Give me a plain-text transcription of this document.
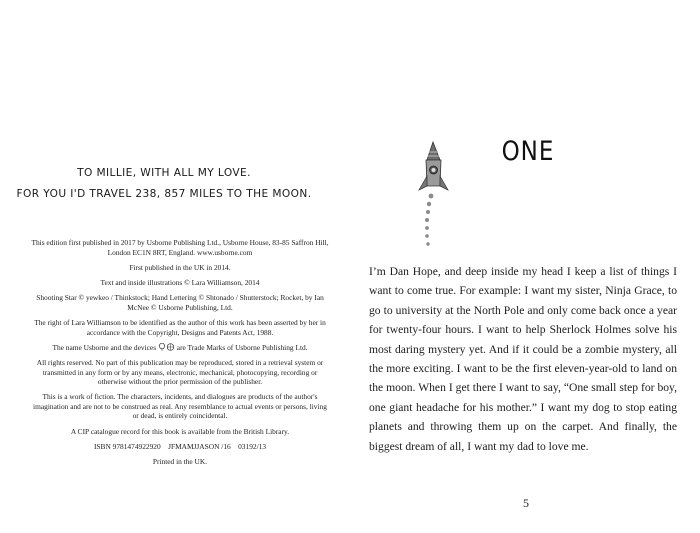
TO MILLIE, WITH ALL MY LOVE.
FOR YOU I'D TRAVEL 238, 857 MILES TO THE MOON.

This edition first published in 2017 by Usborne Publishing Ltd., Usborne House, 83-85 Saffron Hill, London EC1N 8RT, England. www.usborne.com

First published in the UK in 2014.

Text and inside illustrations © Lara Williamson, 2014

Shooting Star © yewkeo / Thinkstock; Hand Lettering © Shtonado / Shutterstock; Rocket, by Ian McNee © Usborne Publishing, Ltd.

The right of Lara Williamson to be identified as the author of this work has been asserted by her in accordance with the Copyright, Designs and Patents Act, 1988.

The name Usborne and the devices	are Trade Marks of Usborne Publishing Ltd.

All rights reserved. No part of this publication may be reproduced, stored in a retrieval system or transmitted in any form or by any means, electronic, mechanical, photocopying, recording or otherwise without the prior permission of the publisher.

This is a work of fiction. The characters, incidents, and dialogues are products of the author's imagination and are not to be construed as real. Any resemblance to actual events or persons, living or dead, is entirely coincidental.

A CIP catalogue record for this book is available from the British Library.

ISBN 9781474922920    JFMAMJJASON /16    03192/13

Printed in the UK.

ONE

I’m Dan Hope, and deep inside my head I keep a list of things I want to come true. For example: I want my sister, Ninja Grace, to go to university at the North Pole and only come back once a year for twenty-four hours. I want to help Sherlock Holmes solve his most daring mystery yet. And if it could be a zombie mystery, all the more exciting. I want to be the first eleven-year-old to land on the moon. When I get there I want to say, “One small step for boy, one giant headache for his mother.” I want my dog to stop eating planets and throwing them up on the carpet. And finally, the biggest dream of all, I want my dad to love me.

5
